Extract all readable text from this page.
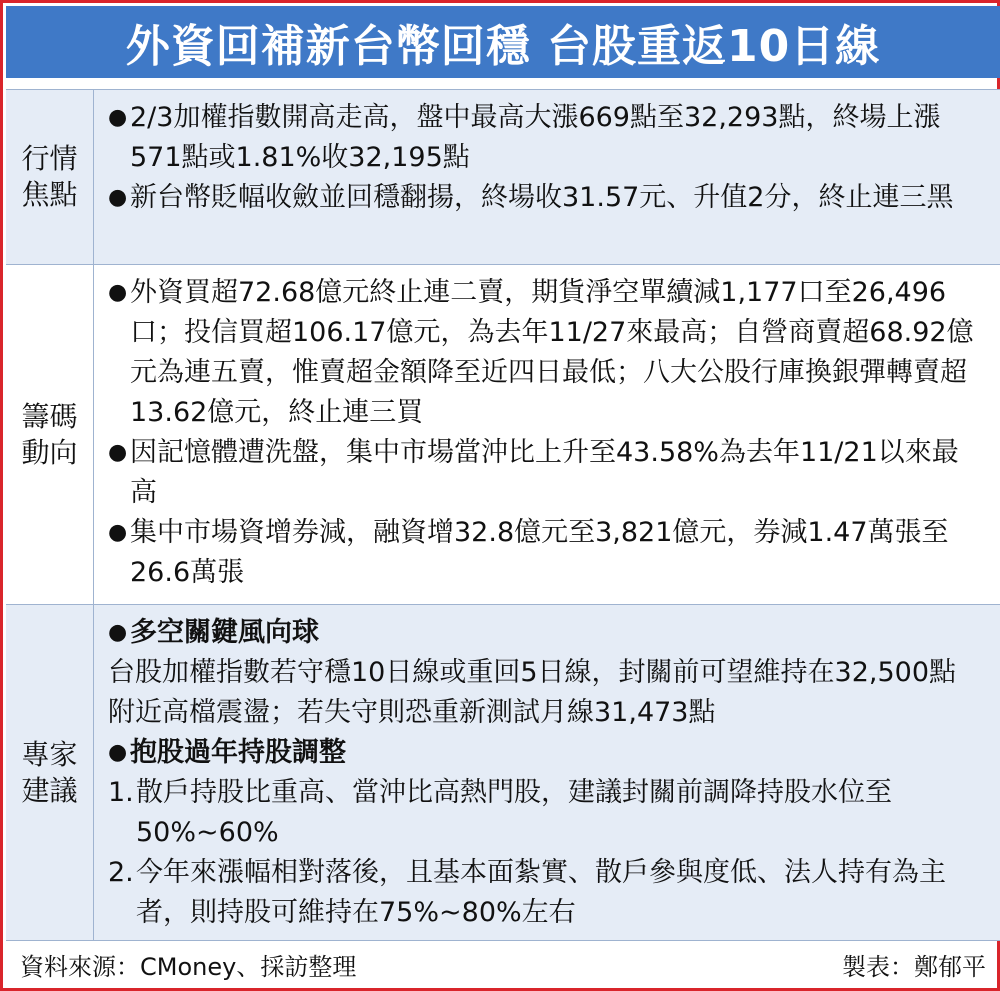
外資回補新台幣回穩 台股重返10日線
行情焦點
● 2/3加權指數開高走高，盤中最高大漲669點至32,293點，終場上漲571點或1.81%收32,195點
● 新台幣貶幅收斂並回穩翻揚，終場收31.57元、升值2分，終止連三黑
籌碼動向
● 外資買超72.68億元終止連二賣，期貨淨空單續減1,177口至26,496口；投信買超106.17億元，為去年11/27來最高；自營商賣超68.92億元為連五賣，惟賣超金額降至近四日最低；八大公股行庫換銀彈轉賣超13.62億元，終止連三買
● 因記憶體遭洗盤，集中市場當沖比上升至43.58%為去年11/21以來最高
● 集中市場資增券減，融資增32.8億元至3,821億元，券減1.47萬張至26.6萬張
專家建議
● 多空關鍵風向球
台股加權指數若守穩10日線或重回5日線，封關前可望維持在32,500點附近高檔震盪；若失守則恐重新測試月線31,473點
● 抱股過年持股調整
1. 散戶持股比重高、當沖比高熱門股，建議封關前調降持股水位至50%~60%
2. 今年來漲幅相對落後，且基本面紮實、散戶參與度低、法人持有為主者，則持股可維持在75%~80%左右
資料來源：CMoney、採訪整理	製表：鄭郁平
